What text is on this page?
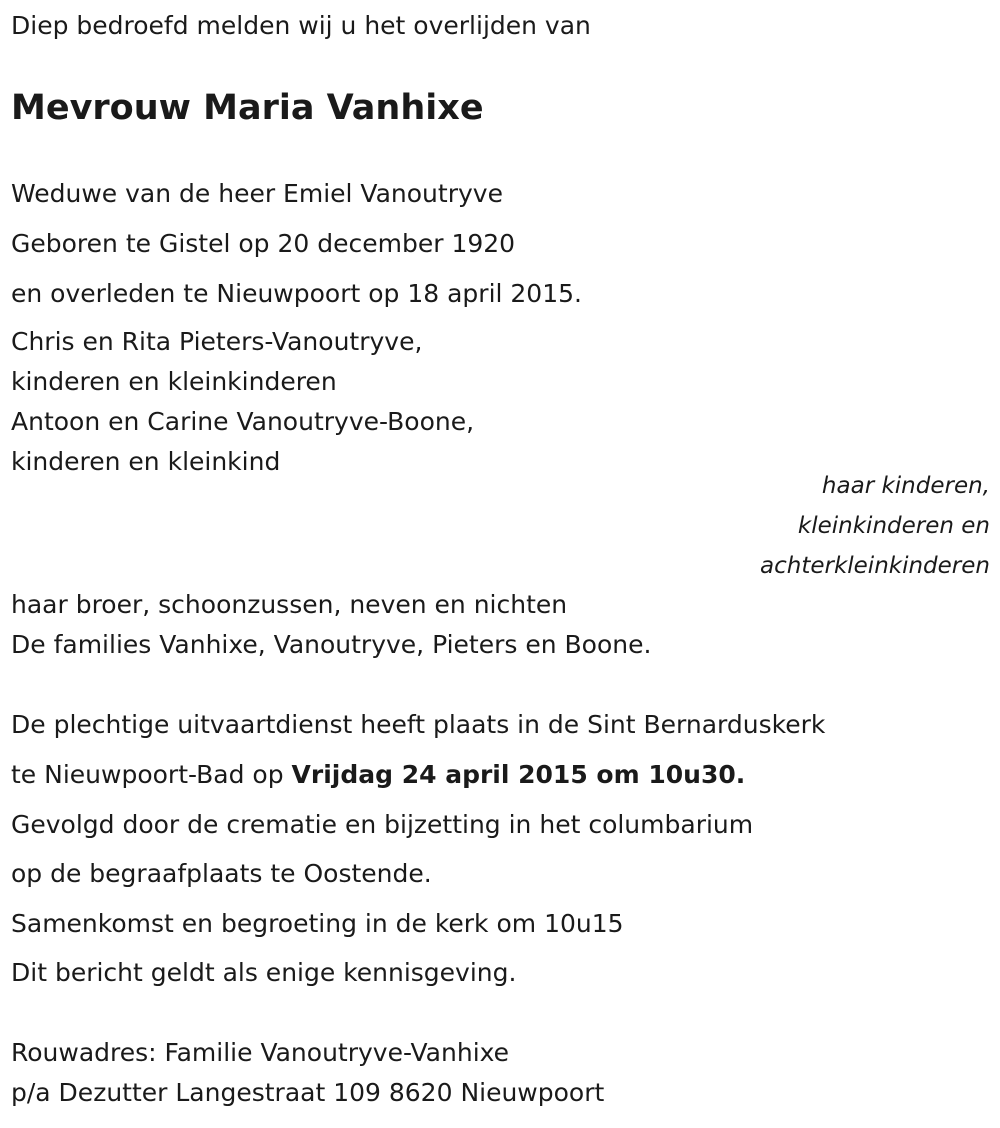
Diep bedroefd melden wij u het overlijden van

Mevrouw Maria Vanhixe

Weduwe van de heer Emiel Vanoutryve

Geboren te Gistel op 20 december 1920

en overleden te Nieuwpoort op 18 april 2015.

Chris en Rita Pieters-Vanoutryve,

kinderen en kleinkinderen

Antoon en Carine Vanoutryve-Boone,

kinderen en kleinkind

haar kinderen,

kleinkinderen en

achterkleinkinderen

haar broer, schoonzussen, neven en nichten

De families Vanhixe, Vanoutryve, Pieters en Boone.

De plechtige uitvaartdienst heeft plaats in de Sint Bernarduskerk

te Nieuwpoort-Bad op Vrijdag 24 april 2015 om 10u30.

Gevolgd door de crematie en bijzetting in het columbarium

op de begraafplaats te Oostende.

Samenkomst en begroeting in de kerk om 10u15

Dit bericht geldt als enige kennisgeving.

Rouwadres: Familie Vanoutryve-Vanhixe

p/a Dezutter Langestraat 109 8620 Nieuwpoort
